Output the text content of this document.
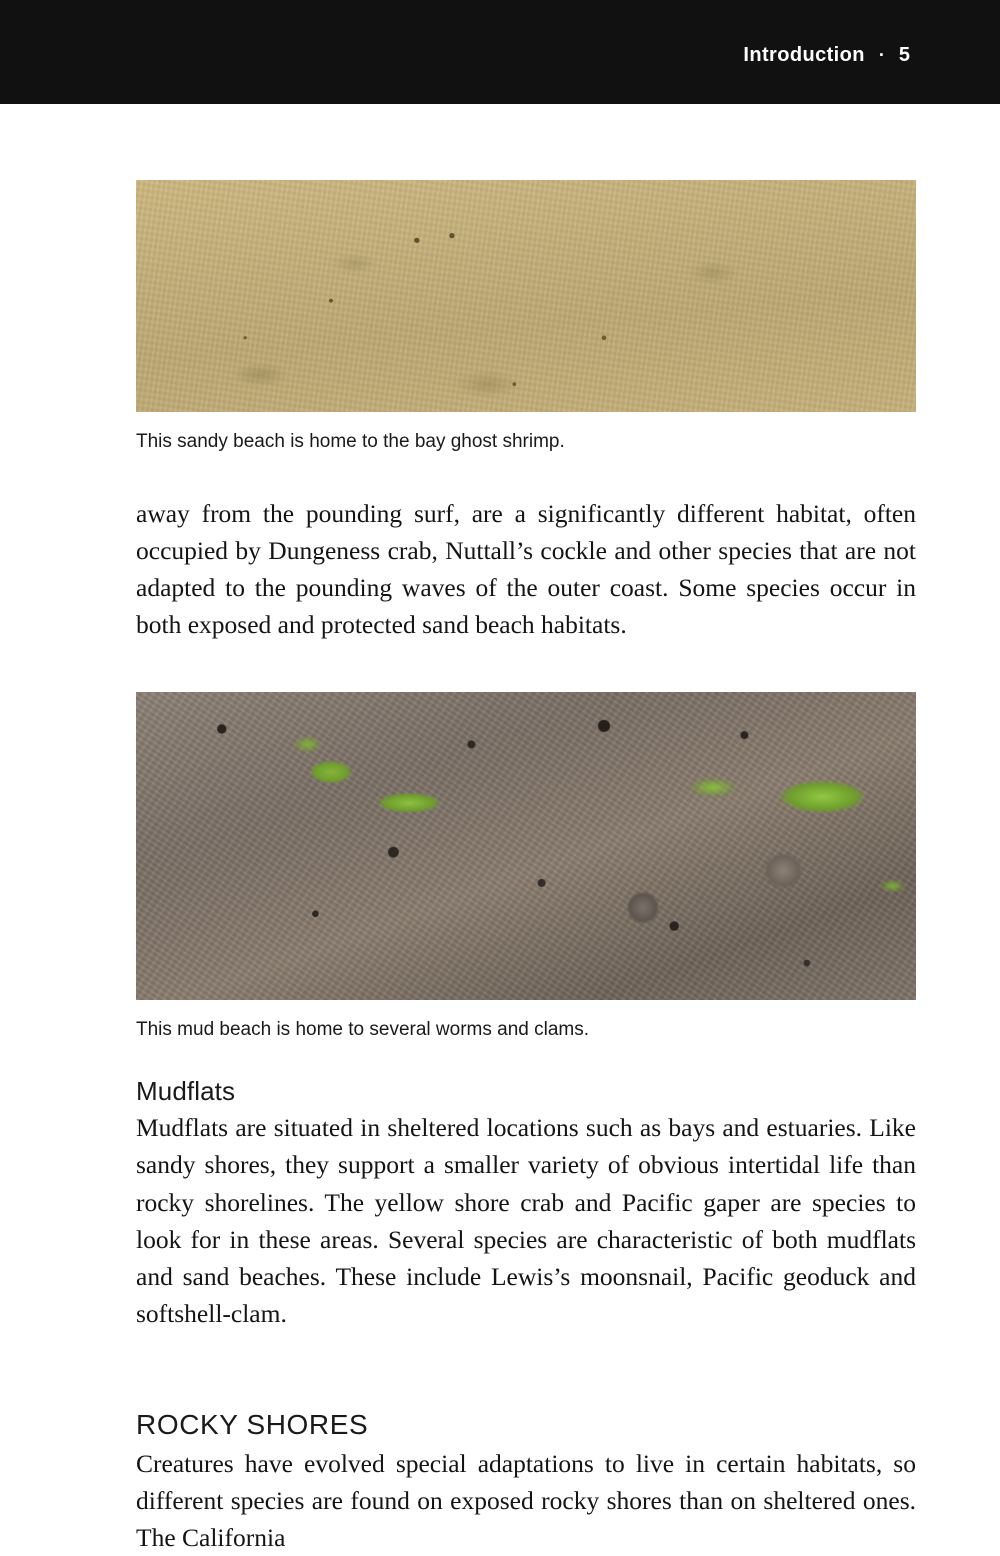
Introduction · 5
This sandy beach is home to the bay ghost shrimp.

away from the pounding surf, are a significantly different habitat, often occupied by Dungeness crab, Nuttall’s cockle and other species that are not adapted to the pounding waves of the outer coast. Some species occur in both exposed and protected sand beach habitats.

This mud beach is home to several worms and clams.
Mudflats

Mudflats are situated in sheltered locations such as bays and estuaries. Like sandy shores, they support a smaller variety of obvious intertidal life than rocky shorelines. The yellow shore crab and Pacific gaper are species to look for in these areas. Several species are characteristic of both mudflats and sand beaches. These include Lewis’s moonsnail, Pacific geoduck and softshell-clam.

ROCKY SHORES

Creatures have evolved special adaptations to live in certain habitats, so different species are found on exposed rocky shores than on sheltered ones. The California
